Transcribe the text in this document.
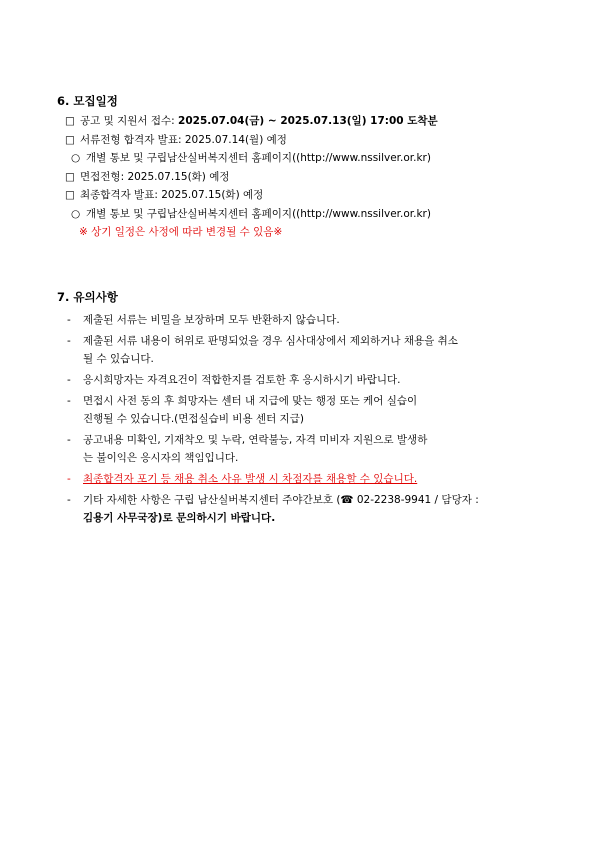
6. 모집일정
□ 공고 및 지원서 접수: 2025.07.04(금) ~ 2025.07.13(일) 17:00 도착분
□ 서류전형 합격자 발표: 2025.07.14(월) 예정
○ 개별 통보 및 구립남산실버복지센터 홈페이지((http://www.nssilver.or.kr)
□ 면접전형: 2025.07.15(화) 예정
□ 최종합격자 발표: 2025.07.15(화) 예정
○ 개별 통보 및 구립남산실버복지센터 홈페이지((http://www.nssilver.or.kr)
※ 상기 일정은 사정에 따라 변경될 수 있음※
7. 유의사항
-	제출된 서류는 비밀을 보장하며 모두 반환하지 않습니다.
-	제출된 서류 내용이 허위로 판명되었을 경우 심사대상에서 제외하거나 채용을 취소
될 수 있습니다.
-	응시희망자는 자격요건이 적합한지를 검토한 후 응시하시기 바랍니다.
-	면접시 사전 동의 후 희망자는 센터 내 지급에 맞는 행정 또는 케어 실습이
진행될 수 있습니다.(면접실습비 비용 센터 지급)
-	공고내용 미확인, 기재착오 및 누락, 연락불능, 자격 미비자 지원으로 발생하
는 불이익은 응시자의 책임입니다.
-	최종합격자 포기 등 채용 취소 사유 발생 시 차점자를 채용할 수 있습니다.
-	기타 자세한 사항은 구립 남산실버복지센터 주야간보호 (☎ 02-2238-9941 / 담당자 :
김용기 사무국장)로 문의하시기 바랍니다.
